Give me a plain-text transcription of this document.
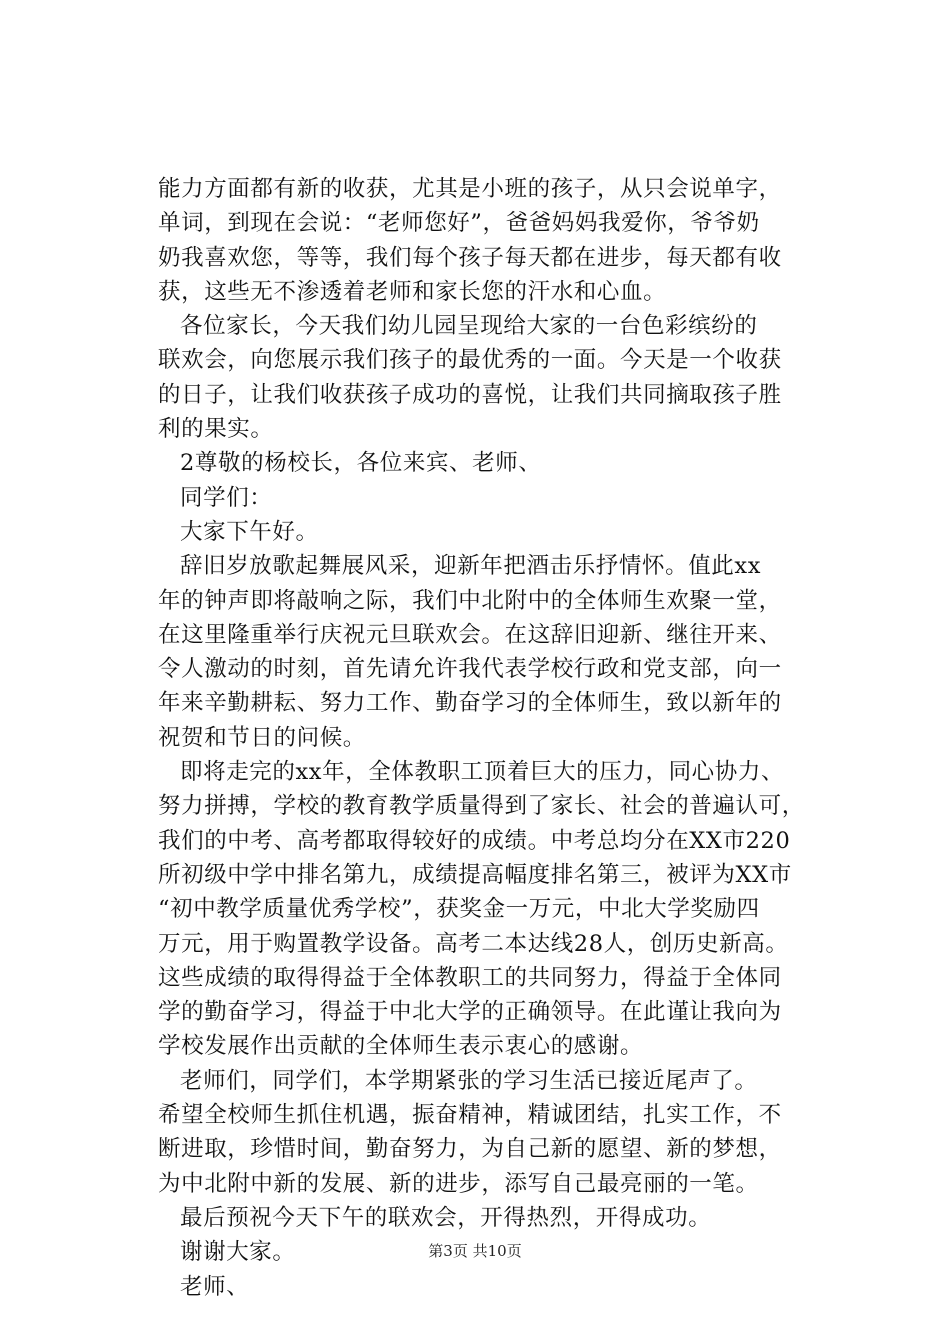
能力方面都有新的收获，尤其是小班的孩子，从只会说单字，
单词，到现在会说：“老师您好”，爸爸妈妈我爱你，爷爷奶
奶我喜欢您，等等，我们每个孩子每天都在进步，每天都有收
获，这些无不渗透着老师和家长您的汗水和心血。
各位家长，今天我们幼儿园呈现给大家的一台色彩缤纷的
联欢会，向您展示我们孩子的最优秀的一面。今天是一个收获
的日子，让我们收获孩子成功的喜悦，让我们共同摘取孩子胜
利的果实。
2尊敬的杨校长，各位来宾、老师、
同学们：
大家下午好。
辞旧岁放歌起舞展风采，迎新年把酒击乐抒情怀。值此xx
年的钟声即将敲响之际，我们中北附中的全体师生欢聚一堂，
在这里隆重举行庆祝元旦联欢会。在这辞旧迎新、继往开来、
令人激动的时刻，首先请允许我代表学校行政和党支部，向一
年来辛勤耕耘、努力工作、勤奋学习的全体师生，致以新年的
祝贺和节日的问候。
即将走完的xx年，全体教职工顶着巨大的压力，同心协力、
努力拼搏，学校的教育教学质量得到了家长、社会的普遍认可，
我们的中考、高考都取得较好的成绩。中考总均分在XX市220
所初级中学中排名第九，成绩提高幅度排名第三，被评为XX市
“初中教学质量优秀学校”，获奖金一万元，中北大学奖励四
万元，用于购置教学设备。高考二本达线28人，创历史新高。
这些成绩的取得得益于全体教职工的共同努力，得益于全体同
学的勤奋学习，得益于中北大学的正确领导。在此谨让我向为
学校发展作出贡献的全体师生表示衷心的感谢。
老师们，同学们，本学期紧张的学习生活已接近尾声了。
希望全校师生抓住机遇，振奋精神，精诚团结，扎实工作，不
断进取，珍惜时间，勤奋努力，为自己新的愿望、新的梦想，
为中北附中新的发展、新的进步，添写自己最亮丽的一笔。
最后预祝今天下午的联欢会，开得热烈，开得成功。
谢谢大家。
老师、
第3页 共10页
